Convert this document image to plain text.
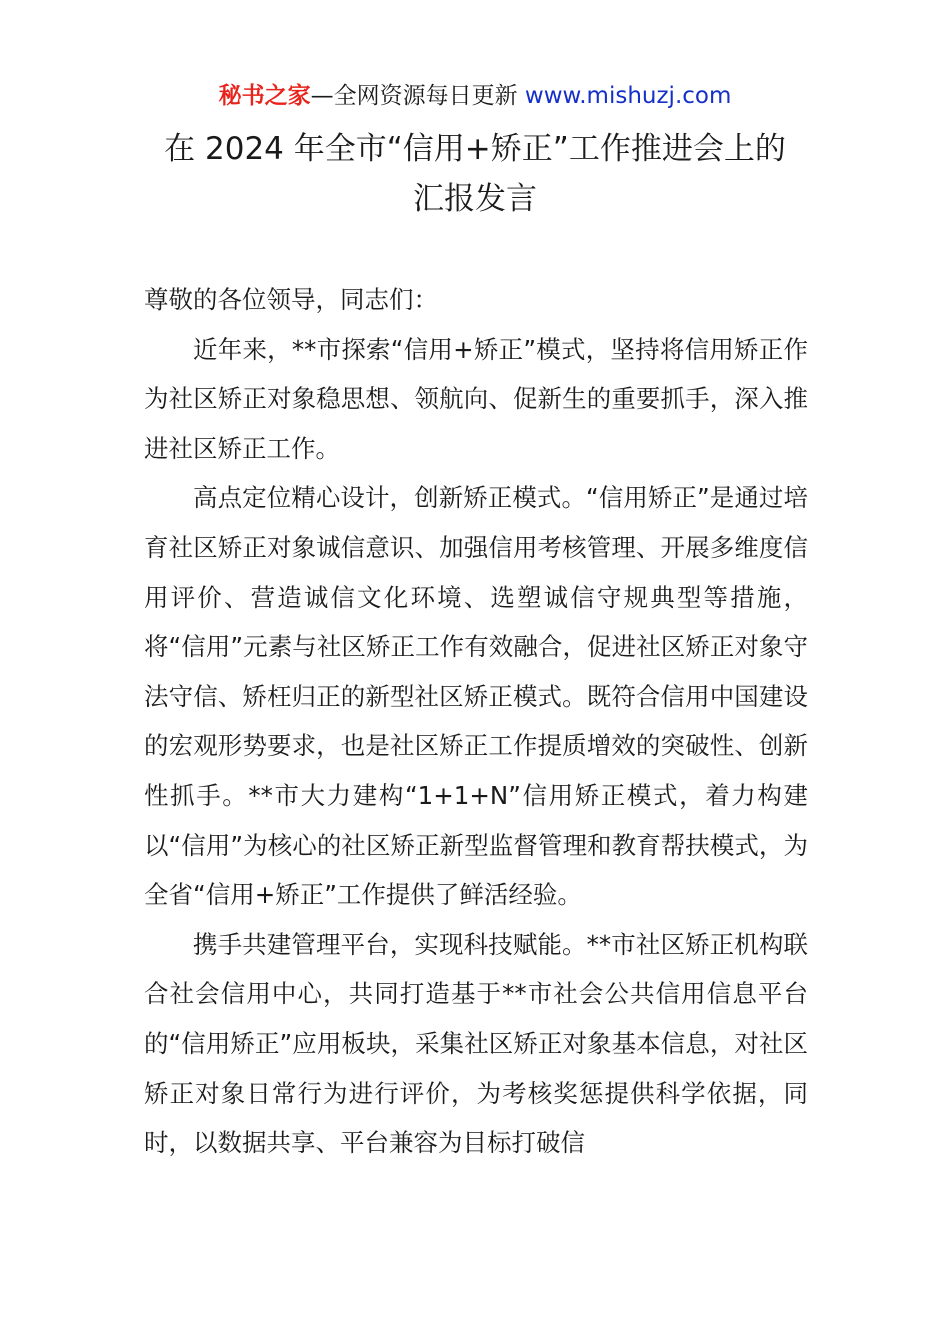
秘书之家—全网资源每日更新 www.mishuzj.com
在 2024 年全市“信用+矫正”工作推进会上的
汇报发言

尊敬的各位领导，同志们：

近年来，**市探索“信用+矫正”模式，坚持将信用矫正作为社区矫正对象稳思想、领航向、促新生的重要抓手，深入推进社区矫正工作。

高点定位精心设计，创新矫正模式。“信用矫正”是通过培育社区矫正对象诚信意识、加强信用考核管理、开展多维度信用评价、营造诚信文化环境、选塑诚信守规典型等措施，将“信用”元素与社区矫正工作有效融合，促进社区矫正对象守法守信、矫枉归正的新型社区矫正模式。既符合信用中国建设的宏观形势要求，也是社区矫正工作提质增效的突破性、创新性抓手。**市大力建构“1+1+N”信用矫正模式，着力构建以“信用”为核心的社区矫正新型监督管理和教育帮扶模式，为全省“信用+矫正”工作提供了鲜活经验。

携手共建管理平台，实现科技赋能。**市社区矫正机构联合社会信用中心，共同打造基于**市社会公共信用信息平台的“信用矫正”应用板块，采集社区矫正对象基本信息，对社区矫正对象日常行为进行评价，为考核奖惩提供科学依据，同时，以数据共享、平台兼容为目标打破信
